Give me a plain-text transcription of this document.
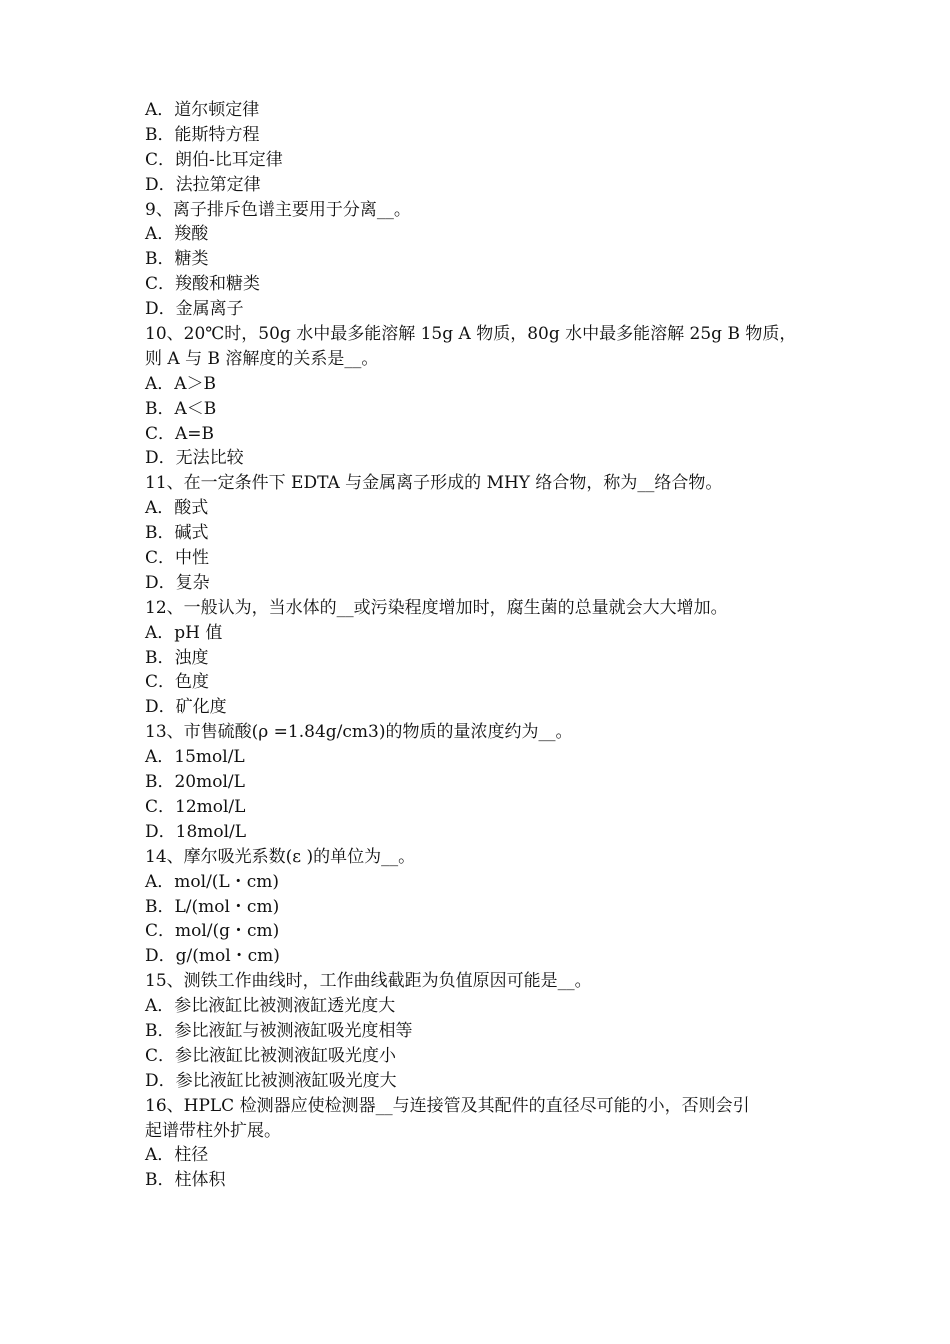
A．道尔顿定律
B．能斯特方程
C．朗伯-比耳定律
D．法拉第定律
9、离子排斥色谱主要用于分离__。
A．羧酸
B．糖类
C．羧酸和糖类
D．金属离子
10、20℃时，50g 水中最多能溶解 15g A 物质，80g 水中最多能溶解 25g B 物质，
则 A 与 B 溶解度的关系是__。
A．A＞B
B．A＜B
C．A=B
D．无法比较
11、在一定条件下 EDTA 与金属离子形成的 MHY 络合物，称为__络合物。
A．酸式
B．碱式
C．中性
D．复杂
12、一般认为，当水体的__或污染程度增加时，腐生菌的总量就会大大增加。
A．pH 值
B．浊度
C．色度
D．矿化度
13、市售硫酸(ρ =1.84g/cm3)的物质的量浓度约为__。
A．15mol/L
B．20mol/L
C．12mol/L
D．18mol/L
14、摩尔吸光系数(ε )的单位为__。
A．mol/(L・cm)
B．L/(mol・cm)
C．mol/(g・cm)
D．g/(mol・cm)
15、测铁工作曲线时，工作曲线截距为负值原因可能是__。
A．参比液缸比被测液缸透光度大
B．参比液缸与被测液缸吸光度相等
C．参比液缸比被测液缸吸光度小
D．参比液缸比被测液缸吸光度大
16、HPLC 检测器应使检测器__与连接管及其配件的直径尽可能的小，否则会引
起谱带柱外扩展。
A．柱径
B．柱体积
